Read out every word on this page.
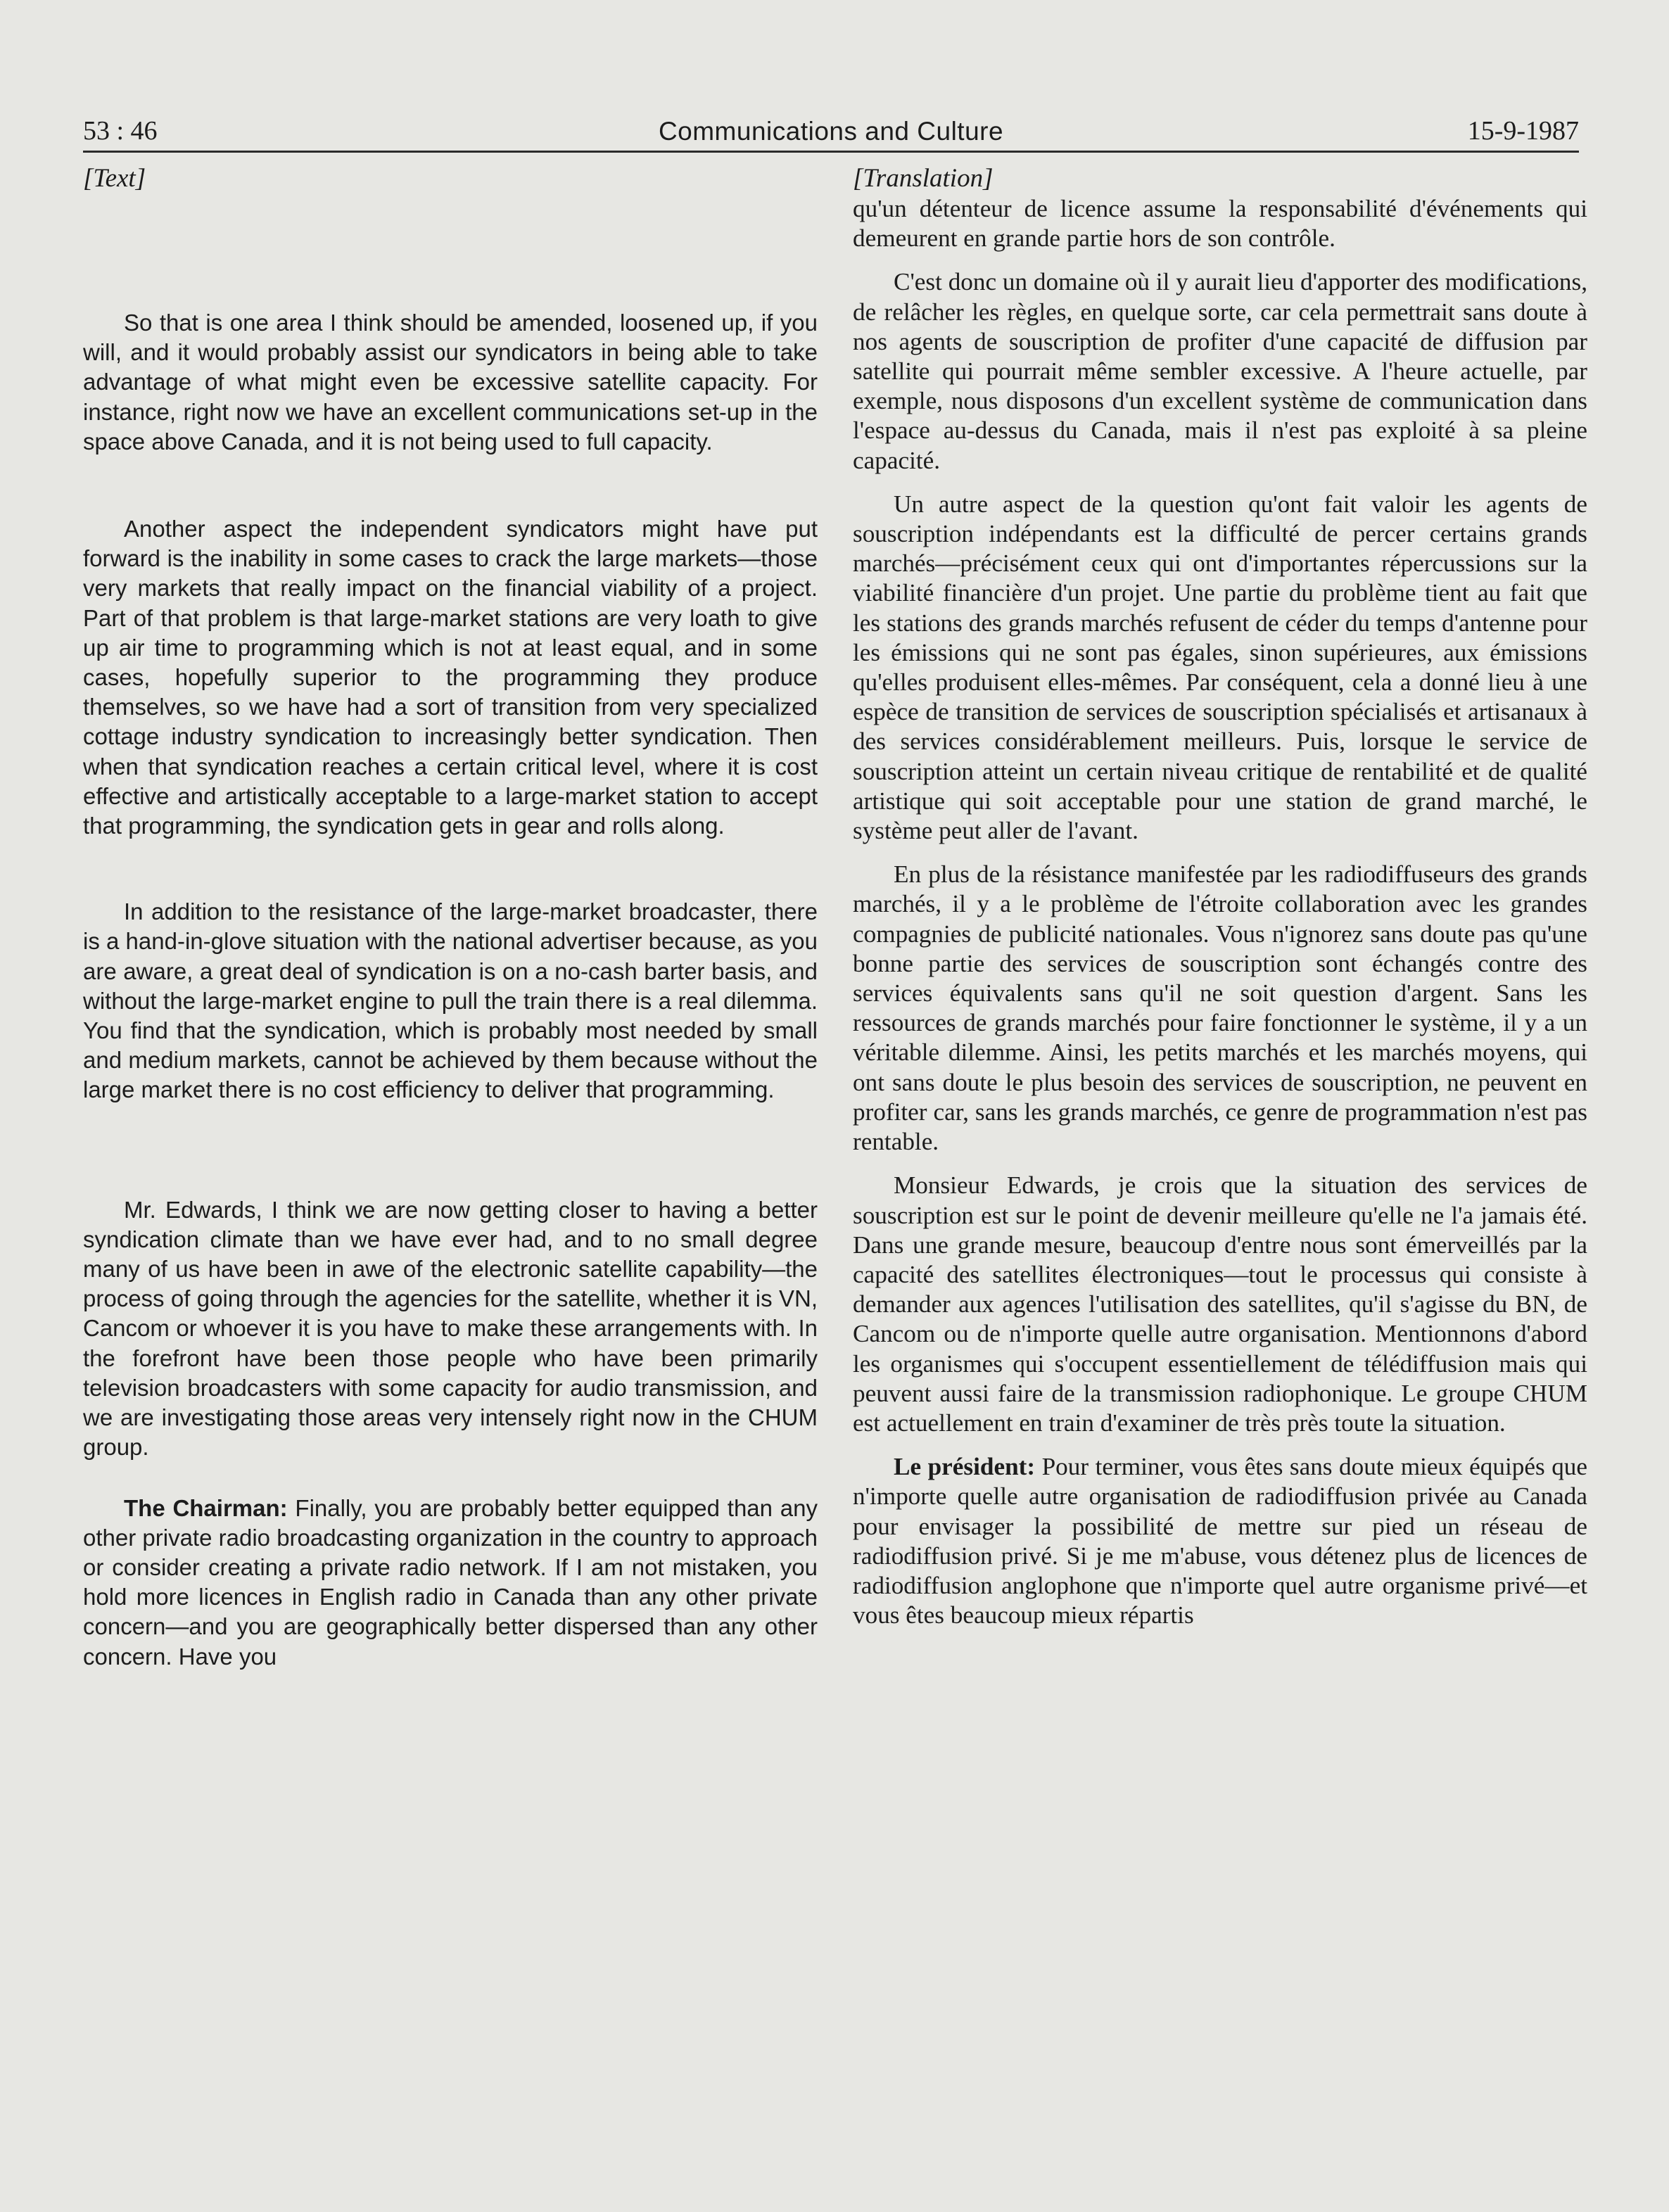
53 : 46	Communications and Culture	15-9-1987
[Text]

So that is one area I think should be amended, loosened up, if you will, and it would probably assist our syndicators in being able to take advantage of what might even be excessive satellite capacity. For instance, right now we have an excellent communications set-up in the space above Canada, and it is not being used to full capacity.

Another aspect the independent syndicators might have put forward is the inability in some cases to crack the large markets—those very markets that really impact on the financial viability of a project. Part of that problem is that large-market stations are very loath to give up air time to programming which is not at least equal, and in some cases, hopefully superior to the programming they produce themselves, so we have had a sort of transition from very specialized cottage industry syndication to increasingly better syndication. Then when that syndication reaches a certain critical level, where it is cost effective and artistically acceptable to a large-market station to accept that programming, the syndication gets in gear and rolls along.

In addition to the resistance of the large-market broadcaster, there is a hand-in-glove situation with the national advertiser because, as you are aware, a great deal of syndication is on a no-cash barter basis, and without the large-market engine to pull the train there is a real dilemma. You find that the syndication, which is probably most needed by small and medium markets, cannot be achieved by them because without the large market there is no cost efficiency to deliver that programming.

Mr. Edwards, I think we are now getting closer to having a better syndication climate than we have ever had, and to no small degree many of us have been in awe of the electronic satellite capability—the process of going through the agencies for the satellite, whether it is VN, Cancom or whoever it is you have to make these arrangements with. In the forefront have been those people who have been primarily television broadcasters with some capacity for audio transmission, and we are investigating those areas very intensely right now in the CHUM group.

The Chairman: Finally, you are probably better equipped than any other private radio broadcasting organization in the country to approach or consider creating a private radio network. If I am not mistaken, you hold more licences in English radio in Canada than any other private concern—and you are geographically better dispersed than any other concern. Have you

[Translation]

qu'un détenteur de licence assume la responsabilité d'événements qui demeurent en grande partie hors de son contrôle.

C'est donc un domaine où il y aurait lieu d'apporter des modifications, de relâcher les règles, en quelque sorte, car cela permettrait sans doute à nos agents de souscription de profiter d'une capacité de diffusion par satellite qui pourrait même sembler excessive. A l'heure actuelle, par exemple, nous disposons d'un excellent système de communication dans l'espace au-dessus du Canada, mais il n'est pas exploité à sa pleine capacité.

Un autre aspect de la question qu'ont fait valoir les agents de souscription indépendants est la difficulté de percer certains grands marchés—précisément ceux qui ont d'importantes répercussions sur la viabilité financière d'un projet. Une partie du problème tient au fait que les stations des grands marchés refusent de céder du temps d'antenne pour les émissions qui ne sont pas égales, sinon supérieures, aux émissions qu'elles produisent elles-mêmes. Par conséquent, cela a donné lieu à une espèce de transition de services de souscription spécialisés et artisanaux à des services considérablement meilleurs. Puis, lorsque le service de souscription atteint un certain niveau critique de rentabilité et de qualité artistique qui soit acceptable pour une station de grand marché, le système peut aller de l'avant.

En plus de la résistance manifestée par les radiodiffuseurs des grands marchés, il y a le problème de l'étroite collaboration avec les grandes compagnies de publicité nationales. Vous n'ignorez sans doute pas qu'une bonne partie des services de souscription sont échangés contre des services équivalents sans qu'il ne soit question d'argent. Sans les ressources de grands marchés pour faire fonctionner le système, il y a un véritable dilemme. Ainsi, les petits marchés et les marchés moyens, qui ont sans doute le plus besoin des services de souscription, ne peuvent en profiter car, sans les grands marchés, ce genre de programmation n'est pas rentable.

Monsieur Edwards, je crois que la situation des services de souscription est sur le point de devenir meilleure qu'elle ne l'a jamais été. Dans une grande mesure, beaucoup d'entre nous sont émerveillés par la capacité des satellites électroniques—tout le processus qui consiste à demander aux agences l'utilisation des satellites, qu'il s'agisse du BN, de Cancom ou de n'importe quelle autre organisation. Mentionnons d'abord les organismes qui s'occupent essentiellement de télédiffusion mais qui peuvent aussi faire de la transmission radiophonique. Le groupe CHUM est actuellement en train d'examiner de très près toute la situation.

Le président: Pour terminer, vous êtes sans doute mieux équipés que n'importe quelle autre organisation de radiodiffusion privée au Canada pour envisager la possibilité de mettre sur pied un réseau de radiodiffusion privé. Si je me m'abuse, vous détenez plus de licences de radiodiffusion anglophone que n'importe quel autre organisme privé—et vous êtes beaucoup mieux répartis
